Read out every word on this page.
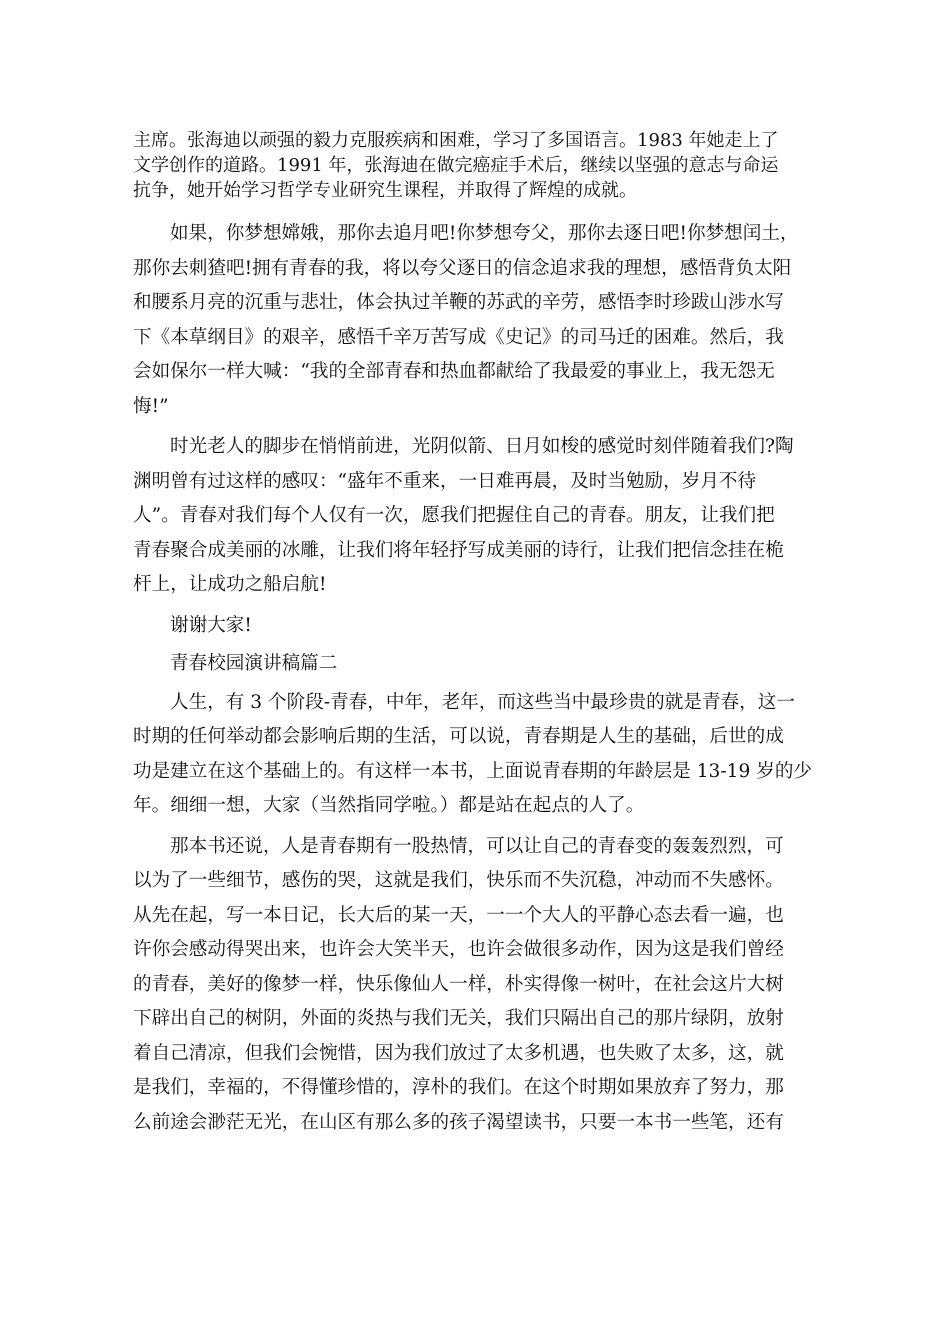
主席。张海迪以顽强的毅力克服疾病和困难，学习了多国语言。1983 年她走上了
文学创作的道路。1991 年，张海迪在做完癌症手术后，继续以坚强的意志与命运
抗争，她开始学习哲学专业研究生课程，并取得了辉煌的成就。
如果，你梦想嫦娥，那你去追月吧!你梦想夸父，那你去逐日吧!你梦想闰土，
那你去刺猹吧!拥有青春的我，将以夸父逐日的信念追求我的理想，感悟背负太阳
和腰系月亮的沉重与悲壮，体会执过羊鞭的苏武的辛劳，感悟李时珍跋山涉水写
下《本草纲目》的艰辛，感悟千辛万苦写成《史记》的司马迁的困难。然后，我
会如保尔一样大喊：“我的全部青春和热血都献给了我最爱的事业上，我无怨无
悔!”
时光老人的脚步在悄悄前进，光阴似箭、日月如梭的感觉时刻伴随着我们?陶
渊明曾有过这样的感叹：“盛年不重来，一日难再晨，及时当勉励，岁月不待
人”。青春对我们每个人仅有一次，愿我们把握住自己的青春。朋友，让我们把
青春聚合成美丽的冰雕，让我们将年轻抒写成美丽的诗行，让我们把信念挂在桅
杆上，让成功之船启航!
谢谢大家!
青春校园演讲稿篇二
人生，有 3 个阶段-青春，中年，老年，而这些当中最珍贵的就是青春，这一
时期的任何举动都会影响后期的生活，可以说，青春期是人生的基础，后世的成
功是建立在这个基础上的。有这样一本书，上面说青春期的年龄层是 13-19 岁的少
年。细细一想，大家（当然指同学啦。）都是站在起点的人了。
那本书还说，人是青春期有一股热情，可以让自己的青春变的轰轰烈烈，可
以为了一些细节，感伤的哭，这就是我们，快乐而不失沉稳，冲动而不失感怀。
从先在起，写一本日记，长大后的某一天，一一个大人的平静心态去看一遍，也
许你会感动得哭出来，也许会大笑半天，也许会做很多动作，因为这是我们曾经
的青春，美好的像梦一样，快乐像仙人一样，朴实得像一树叶，在社会这片大树
下辟出自己的树阴，外面的炎热与我们无关，我们只隔出自己的那片绿阴，放射
着自己清凉，但我们会惋惜，因为我们放过了太多机遇，也失败了太多，这，就
是我们，幸福的，不得懂珍惜的，淳朴的我们。在这个时期如果放弃了努力，那
么前途会渺茫无光，在山区有那么多的孩子渴望读书，只要一本书一些笔，还有
